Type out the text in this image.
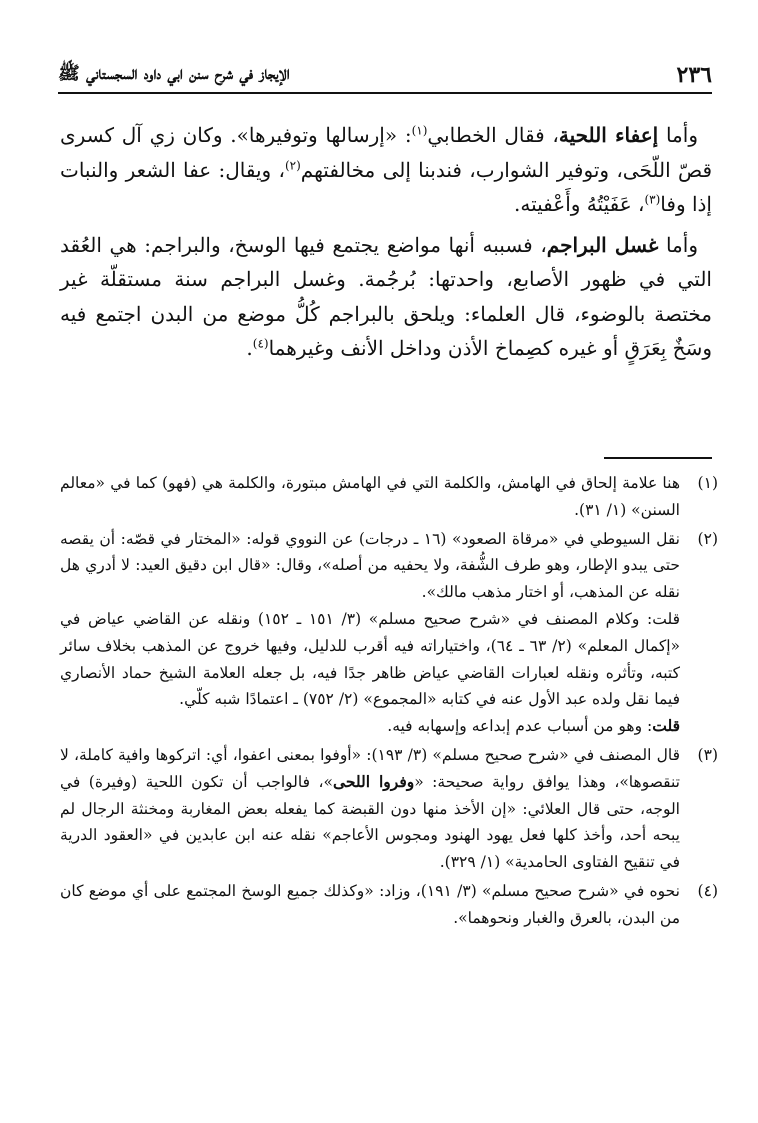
٢٣٦
الإيجاز في شرح سنن ابي داود السجستاني ﷺ

وأما إعفاء اللحية، فقال الخطابي$^{(١)}$: «إرسالها وتوفيرها». وكان زي آل كسرى قصّ اللّحَى، وتوفير الشوارب، فندبنا إلى مخالفتهم$^{(٢)}$، ويقال: عفا الشعر والنبات إذا وفا$^{(٣)}$، عَفَيْتُهُ وأَعْفيته.

وأما غسل البراجم، فسببه أنها مواضع يجتمع فيها الوسخ، والبراجم: هي العُقد التي في ظهور الأصابع، واحدتها: بُرجُمة. وغسل البراجم سنة مستقلّة غير مختصة بالوضوء، قال العلماء: ويلحق بالبراجم كُلُّ موضع من البدن اجتمع فيه وسَخٌ بِعَرَقٍ أو غيره كصِماخ الأذن وداخل الأنف وغيرهما$^{(٤)}$.

(١)

هنا علامة إلحاق في الهامش، والكلمة التي في الهامش مبتورة، والكلمة هي (فهو) كما في «معالم السنن» (١/ ٣١).

(٢)

نقل السيوطي في «مرقاة الصعود» (١٦ ـ درجات) عن النووي قوله: «المختار في قصّه: أن يقصه حتى يبدو الإطار، وهو طرف الشُّفة، ولا يحفيه من أصله»، وقال: «قال ابن دقيق العيد: لا أدري هل نقله عن المذهب، أو اختار مذهب مالك».

قلت: وكلام المصنف في «شرح صحيح مسلم» (٣/ ١٥١ ـ ١٥٢) ونقله عن القاضي عياض في «إكمال المعلم» (٢/ ٦٣ ـ ٦٤)، واختياراته فيه أقرب للدليل، وفيها خروج عن المذهب بخلاف سائر كتبه، وتأثره ونقله لعبارات القاضي عياض ظاهر جدًا فيه، بل جعله العلامة الشيخ حماد الأنصاري فيما نقل ولده عبد الأول عنه في كتابه «المجموع» (٢/ ٧٥٢) ـ اعتمادًا شبه كلّي.

قلت: وهو من أسباب عدم إبداعه وإسهابه فيه.

(٣)

قال المصنف في «شرح صحيح مسلم» (٣/ ١٩٣): «أوفوا بمعنى اعفوا، أي: اتركوها وافية كاملة، لا تنقصوها»، وهذا يوافق رواية صحيحة: «وفروا اللحى»، فالواجب أن تكون اللحية (وفيرة) في الوجه، حتى قال العلائي: «إن الأخذ منها دون القبضة كما يفعله بعض المغاربة ومخنثة الرجال لم يبحه أحد، وأخذ كلها فعل يهود الهنود ومجوس الأعاجم» نقله عنه ابن عابدين في «العقود الدرية في تنقيح الفتاوى الحامدية» (١/ ٣٢٩).

(٤)

نحوه في «شرح صحيح مسلم» (٣/ ١٩١)، وزاد: «وكذلك جميع الوسخ المجتمع على أي موضع كان من البدن، بالعرق والغبار ونحوهما».
